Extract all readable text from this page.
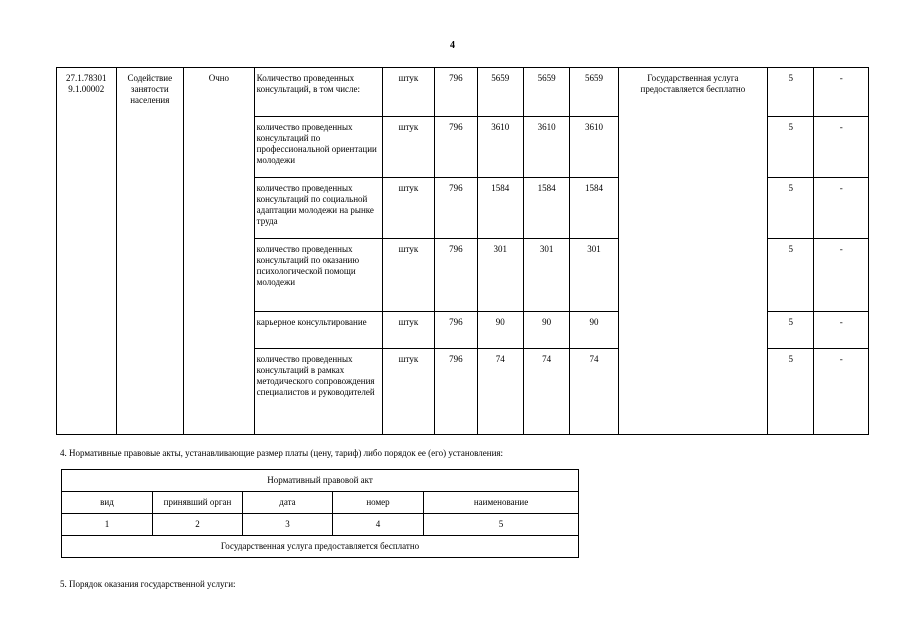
4
27.1.78301 9.1.00002	Содействие занятости населения	Очно	Количество проведенных консультаций, в том числе:	штук	796	5659	5659	5659	Государственная услуга предоставляется бесплатно	5	-
			количество проведенных консультаций по профессиональной ориентации молодежи	штук	796	3610	3610	3610		5	-
			количество проведенных консультаций по социальной адаптации молодежи на рынке труда	штук	796	1584	1584	1584		5	-
			количество проведенных консультаций по оказанию психологической помощи молодежи	штук	796	301	301	301		5	-
			карьерное консультирование	штук	796	90	90	90		5	-
			количество проведенных консультаций в рамках методического сопровождения специалистов и руководителей	штук	796	74	74	74		5	-
4. Нормативные правовые акты, устанавливающие размер платы (цену, тариф) либо порядок ее (его) установления:
Нормативный правовой акт				
вид	принявший орган	дата	номер	наименование
1	2	3	4	5
Государственная услуга предоставляется бесплатно				
5. Порядок оказания государственной услуги:
